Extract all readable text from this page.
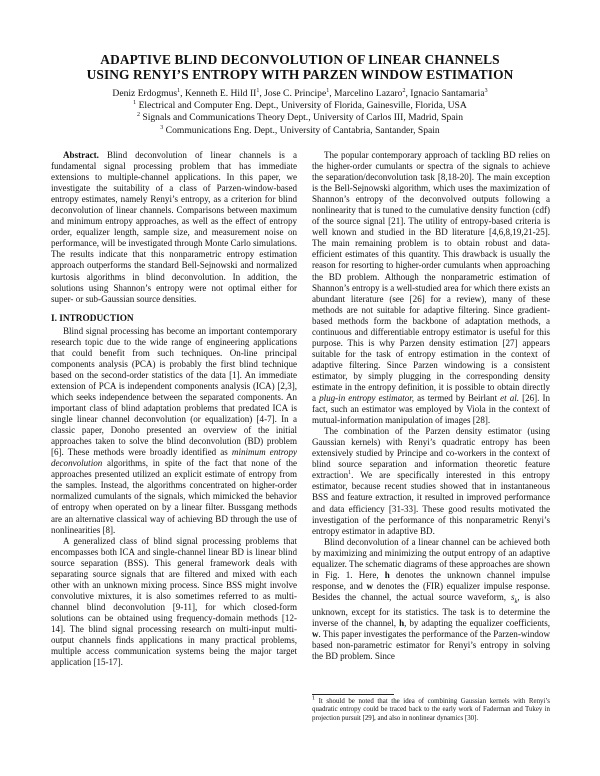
ADAPTIVE BLIND DECONVOLUTION OF LINEAR CHANNELS
USING RENYI’S ENTROPY WITH PARZEN WINDOW ESTIMATION
Deniz Erdogmus$^1$, Kenneth E. Hild $II^1$, Jose C. Principe$^1$, Marcelino Lazaro$^2$, Ignacio Santamaria$^3$
$^1$ Electrical and Computer Eng. Dept., University of Florida, Gainesville, Florida, USA
$^2$ Signals and Communications Theory Dept., University of Carlos III, Madrid, Spain
$^3$ Communications Eng. Dept., University of Cantabria, Santander, Spain

Abstract. Blind deconvolution of linear channels is a fundamental signal processing problem that has immediate extensions to multiple-channel applications. In this paper, we investigate the suitability of a class of Parzen-window-based entropy estimates, namely Renyi’s entropy, as a criterion for blind deconvolution of linear channels. Comparisons between maximum and minimum entropy approaches, as well as the effect of entropy order, equalizer length, sample size, and measurement noise on performance, will be investigated through Monte Carlo simulations. The results indicate that this nonparametric entropy estimation approach outperforms the standard Bell-Sejnowski and normalized kurtosis algorithms in blind deconvolution. In addition, the solutions using Shannon’s entropy were not optimal either for super- or sub-Gaussian source densities.

I. INTRODUCTION

Blind signal processing has become an important contemporary research topic due to the wide range of engineering applications that could benefit from such techniques. On-line principal components analysis (PCA) is probably the first blind technique based on the second-order statistics of the data [1]. An immediate extension of PCA is independent components analysis (ICA) [2,3], which seeks independence between the separated components. An important class of blind adaptation problems that predated ICA is single linear channel deconvolution (or equalization) [4-7]. In a classic paper, Donoho presented an overview of the initial approaches taken to solve the blind deconvolution (BD) problem [6]. These methods were broadly identified as minimum entropy deconvolution algorithms, in spite of the fact that none of the approaches presented utilized an explicit estimate of entropy from the samples. Instead, the algorithms concentrated on higher-order normalized cumulants of the signals, which mimicked the behavior of entropy when operated on by a linear filter. Bussgang methods are an alternative classical way of achieving BD through the use of nonlinearities [8].

A generalized class of blind signal processing problems that encompasses both ICA and single-channel linear BD is linear blind source separation (BSS). This general framework deals with separating source signals that are filtered and mixed with each other with an unknown mixing process. Since BSS might involve convolutive mixtures, it is also sometimes referred to as multi-channel blind deconvolution [9-11], for which closed-form solutions can be obtained using frequency-domain methods [12-14]. The blind signal processing research on multi-input multi-output channels finds applications in many practical problems, multiple access communication systems being the major target application [15-17].

The popular contemporary approach of tackling BD relies on the higher-order cumulants or spectra of the signals to achieve the separation/deconvolution task [8,18-20]. The main exception is the Bell-Sejnowski algorithm, which uses the maximization of Shannon’s entropy of the deconvolved outputs following a nonlinearity that is tuned to the cumulative density function (cdf) of the source signal [21]. The utility of entropy-based criteria is well known and studied in the BD literature [4,6,8,19,21-25]. The main remaining problem is to obtain robust and data-efficient estimates of this quantity. This drawback is usually the reason for resorting to higher-order cumulants when approaching the BD problem. Although the nonparametric estimation of Shannon’s entropy is a well-studied area for which there exists an abundant literature (see [26] for a review), many of these methods are not suitable for adaptive filtering. Since gradient-based methods form the backbone of adaptation methods, a continuous and differentiable entropy estimator is useful for this purpose. This is why Parzen density estimation [27] appears suitable for the task of entropy estimation in the context of adaptive filtering. Since Parzen windowing is a consistent estimator, by simply plugging in the corresponding density estimate in the entropy definition, it is possible to obtain directly a plug-in entropy estimator, as termed by Beirlant et al. [26]. In fact, such an estimator was employed by Viola in the context of mutual-information manipulation of images [28].

The combination of the Parzen density estimator (using Gaussian kernels) with Renyi’s quadratic entropy has been extensively studied by Principe and co-workers in the context of blind source separation and information theoretic feature extraction$^1$. We are specifically interested in this entropy estimator, because recent studies showed that in instantaneous BSS and feature extraction, it resulted in improved performance and data efficiency [31-33]. These good results motivated the investigation of the performance of this nonparametric Renyi’s entropy estimator in adaptive BD.

Blind deconvolution of a linear channel can be achieved both by maximizing and minimizing the output entropy of an adaptive equalizer. The schematic diagrams of these approaches are shown in Fig. 1. Here, h denotes the unknown channel impulse response, and w denotes the (FIR) equalizer impulse response. Besides the channel, the actual source waveform, $s_k$, is also unknown, except for its statistics. The task is to determine the inverse of the channel, h, by adapting the equalizer coefficients, w. This paper investigates the performance of the Parzen-window based non-parametric estimator for Renyi’s entropy in solving the BD problem. Since

$^1$ It should be noted that the idea of combining Gaussian kernels with Renyi’s quadratic entropy could be traced back to the early work of Faderman and Tukey in projection pursuit [29], and also in nonlinear dynamics [30].
